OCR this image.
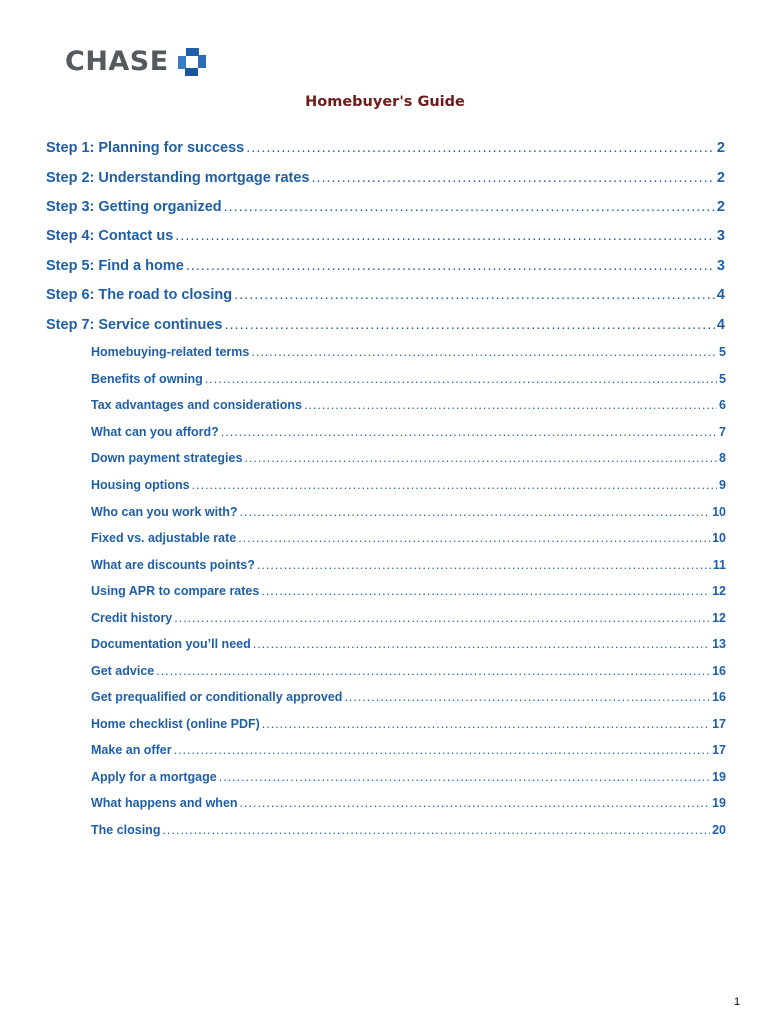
CHASE
Homebuyer's Guide
Step 1: Planning for success .....	2
Step 2: Understanding mortgage rates .....	2
Step 3: Getting organized .....	2
Step 4: Contact us .....	3
Step 5: Find a home .....	3
Step 6: The road to closing .....	4
Step 7: Service continues .....	4
Homebuying-related terms .....	5
Benefits of owning .....	5
Tax advantages and considerations .....	6
What can you afford? .....	7
Down payment strategies .....	8
Housing options .....	9
Who can you work with? .....	10
Fixed vs. adjustable rate .....	10
What are discounts points? .....	11
Using APR to compare rates .....	12
Credit history .....	12
Documentation you’ll need .....	13
Get advice .....	16
Get prequalified or conditionally approved .....	16
Home checklist (online PDF) .....	17
Make an offer .....	17
Apply for a mortgage .....	19
What happens and when .....	19
The closing .....	20
1
